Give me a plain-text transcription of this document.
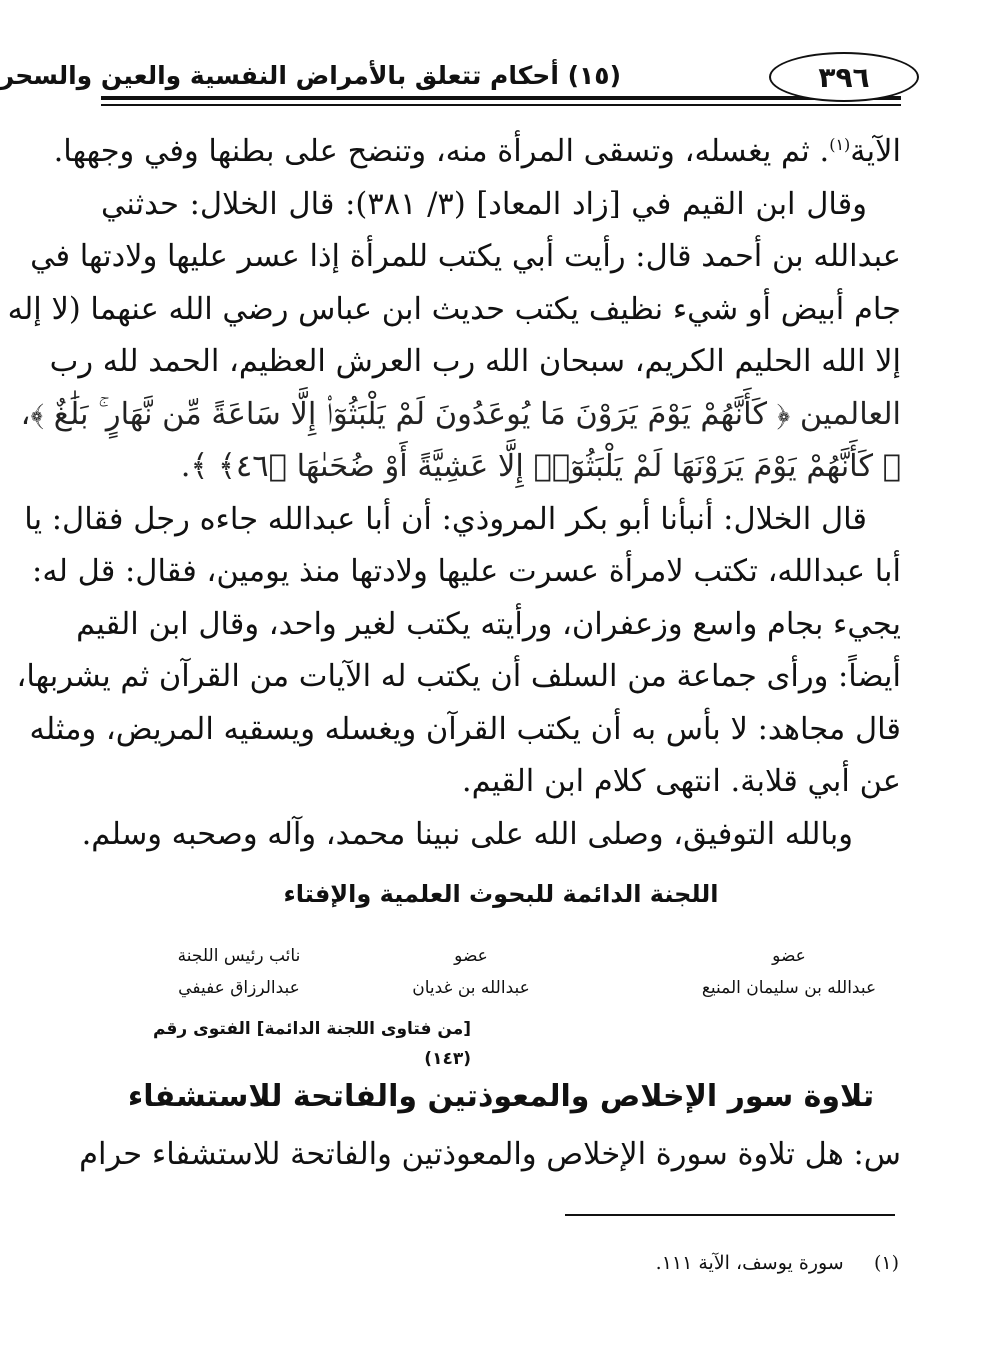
٣٩٦
(١٥) أحكام تتعلق بالأمراض النفسية والعين والسحر
الآية$^{(١)}$. ثم يغسله، وتسقى المرأة منه، وتنضح على بطنها وفي وجهها.
وقال ابن القيم في [زاد المعاد] (٣/ ٣٨١): قال الخلال: حدثني
عبدالله بن أحمد قال: رأيت أبي يكتب للمرأة إذا عسر عليها ولادتها في
جام أبيض أو شيء نظيف يكتب حديث ابن عباس رضي الله عنهما (لا إله
إلا الله الحليم الكريم، سبحان الله رب العرش العظيم، الحمد لله رب
العالمين ﴿ كَأَنَّهُمْ يَوْمَ يَرَوْنَ مَا يُوعَدُونَ لَمْ يَلْبَثُوٓا۟ إِلَّا سَاعَةً مِّن نَّهَارٍ ۚ بَلَٰغٌ ﴾،
﴿ كَأَنَّهُمْ يَوْمَ يَرَوْنَهَا لَمْ يَلْبَثُوٓا۟ إِلَّا عَشِيَّةً أَوْ ضُحَىٰهَا ﴿٤٦﴾ ﴾.
قال الخلال: أنبأنا أبو بكر المروذي: أن أبا عبدالله جاءه رجل فقال: يا
أبا عبدالله، تكتب لامرأة عسرت عليها ولادتها منذ يومين، فقال: قل له:
يجيء بجام واسع وزعفران، ورأيته يكتب لغير واحد، وقال ابن القيم
أيضاً: ورأى جماعة من السلف أن يكتب له الآيات من القرآن ثم يشربها،
قال مجاهد: لا بأس به أن يكتب القرآن ويغسله ويسقيه المريض، ومثله
عن أبي قلابة. انتهى كلام ابن القيم.
وبالله التوفيق، وصلى الله على نبينا محمد، وآله وصحبه وسلم.
اللجنة الدائمة للبحوث العلمية والإفتاء
عضو
عبدالله بن سليمان المنيع
عضو
عبدالله بن غديان
نائب رئيس اللجنة
عبدالرزاق عفيفي
[من فتاوى اللجنة الدائمة] الفتوى رقم (١٤٣)
تلاوة سور الإخلاص والمعوذتين والفاتحة للاستشفاء
س: هل تلاوة سورة الإخلاص والمعوذتين والفاتحة للاستشفاء حرام
(١)     سورة يوسف، الآية ١١١.
